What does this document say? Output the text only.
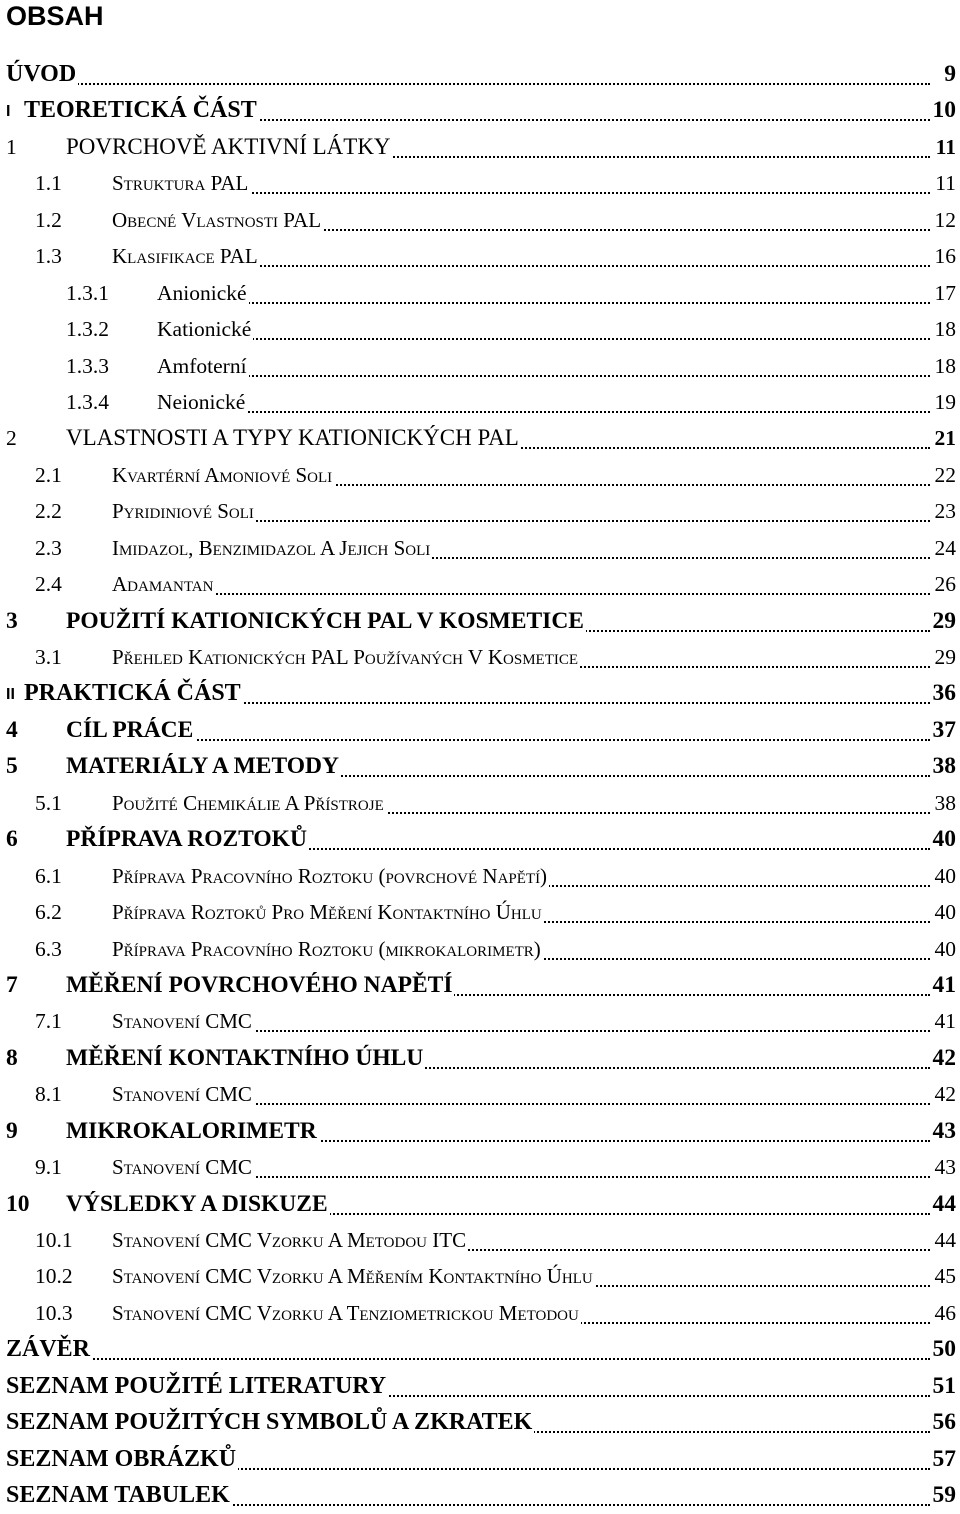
OBSAH
ÚVOD	9
I TEORETICKÁ ČÁST	10
1 POVRCHOVĚ AKTIVNÍ LÁTKY	11
1.1 Struktura PAL	11
1.2 Obecné Vlastnosti PAL	12
1.3 Klasifikace PAL	16
1.3.1 Anionické	17
1.3.2 Kationické	18
1.3.3 Amfoterní	18
1.3.4 Neionické	19
2 VLASTNOSTI A TYPY KATIONICKÝCH PAL	21
2.1 Kvartérní Amoniové Soli	22
2.2 Pyridiniové Soli	23
2.3 Imidazol, Benzimidazol A Jejich Soli	24
2.4 Adamantan	26
3 POUŽITÍ KATIONICKÝCH PAL V KOSMETICE	29
3.1 Přehled Kationických PAL Používaných V Kosmetice	29
II PRAKTICKÁ ČÁST	36
4 CÍL PRÁCE	37
5 MATERIÁLY A METODY	38
5.1 Použité Chemikálie A Přístroje	38
6 PŘÍPRAVA ROZTOKŮ	40
6.1 Příprava Pracovního Roztoku (povrchové Napětí)	40
6.2 Příprava Roztoků Pro Měření Kontaktního Úhlu	40
6.3 Příprava Pracovního Roztoku (mikrokalorimetr)	40
7 MĚŘENÍ POVRCHOVÉHO NAPĚTÍ	41
7.1 Stanovení CMC	41
8 MĚŘENÍ KONTAKTNÍHO ÚHLU	42
8.1 Stanovení CMC	42
9 MIKROKALORIMETR	43
9.1 Stanovení CMC	43
10 VÝSLEDKY A DISKUZE	44
10.1 Stanovení CMC Vzorku A Metodou ITC	44
10.2 Stanovení CMC Vzorku A Měřením Kontaktního Úhlu	45
10.3 Stanovení CMC Vzorku A Tenziometrickou Metodou	46
ZÁVĚR	50
SEZNAM POUŽITÉ LITERATURY	51
SEZNAM POUŽITÝCH SYMBOLŮ A ZKRATEK	56
SEZNAM OBRÁZKŮ	57
SEZNAM TABULEK	59
